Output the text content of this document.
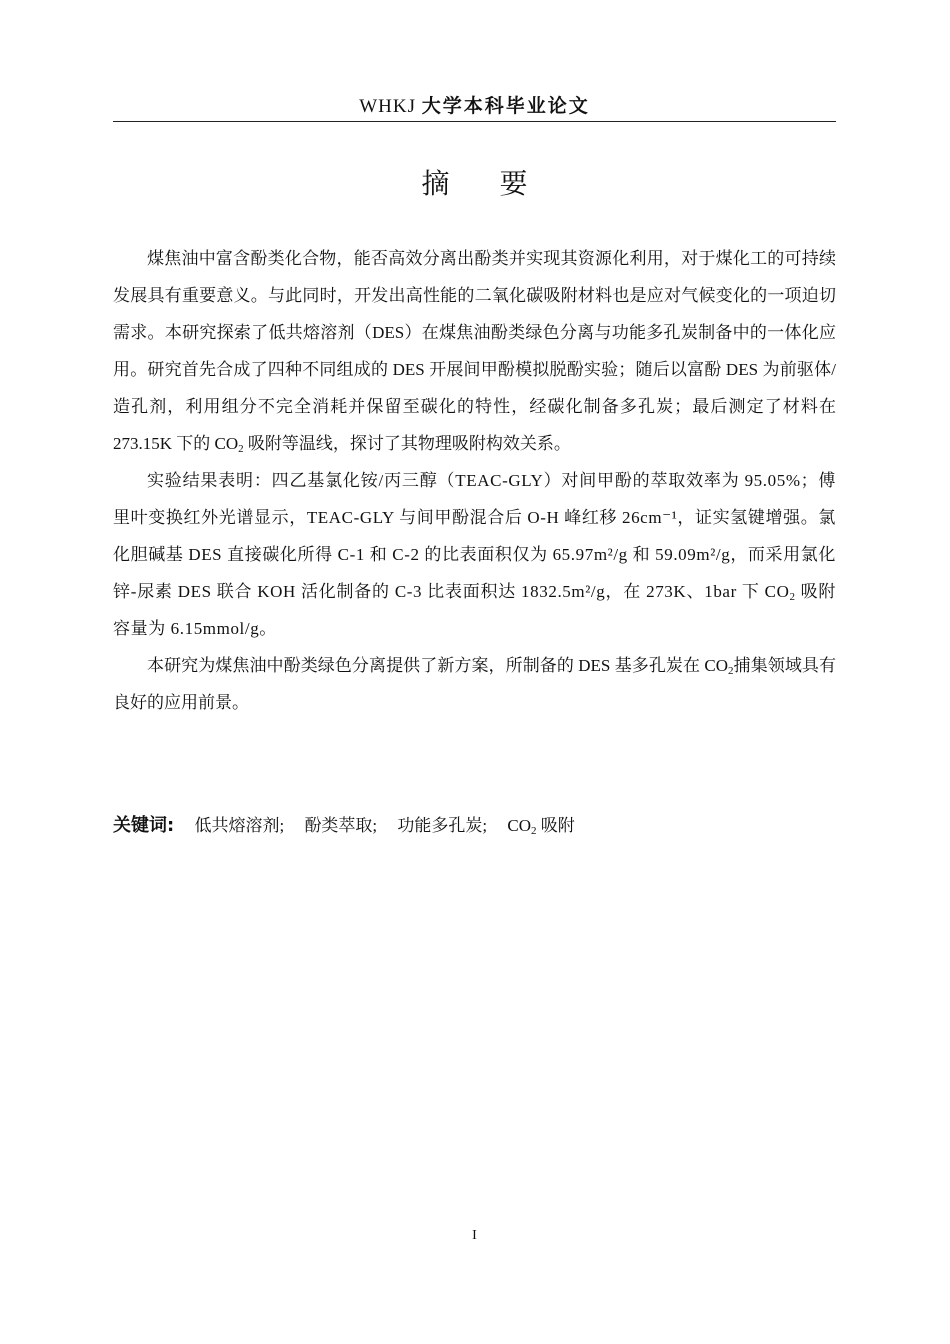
WHKJ 大学本科毕业论文
摘要

煤焦油中富含酚类化合物，能否高效分离出酚类并实现其资源化利用，对于煤化工的可持续发展具有重要意义。与此同时，开发出高性能的二氧化碳吸附材料也是应对气候变化的一项迫切需求。本研究探索了低共熔溶剂（DES）在煤焦油酚类绿色分离与功能多孔炭制备中的一体化应用。研究首先合成了四种不同组成的 DES 开展间甲酚模拟脱酚实验；随后以富酚 DES 为前驱体/造孔剂，利用组分不完全消耗并保留至碳化的特性，经碳化制备多孔炭；最后测定了材料在 273.15K 下的 $CO_2$ 吸附等温线，探讨了其物理吸附构效关系。

实验结果表明：四乙基氯化铵/丙三醇（TEAC-GLY）对间甲酚的萃取效率为 95.05%；傅里叶变换红外光谱显示，TEAC-GLY 与间甲酚混合后 O-H 峰红移 26cm⁻¹，证实氢键增强。氯化胆碱基 DES 直接碳化所得 C-1 和 C-2 的比表面积仅为 65.97m²/g 和 59.09m²/g，而采用氯化锌-尿素 DES 联合 KOH 活化制备的 C-3 比表面积达 1832.5m²/g，在 273K、1bar 下 $CO_2$ 吸附容量为 6.15mmol/g。

本研究为煤焦油中酚类绿色分离提供了新方案，所制备的 DES 基多孔炭在 $CO_2$捕集领域具有良好的应用前景。

关键词: 低共熔溶剂; 酚类萃取; 功能多孔炭; $CO_2$ 吸附
I
